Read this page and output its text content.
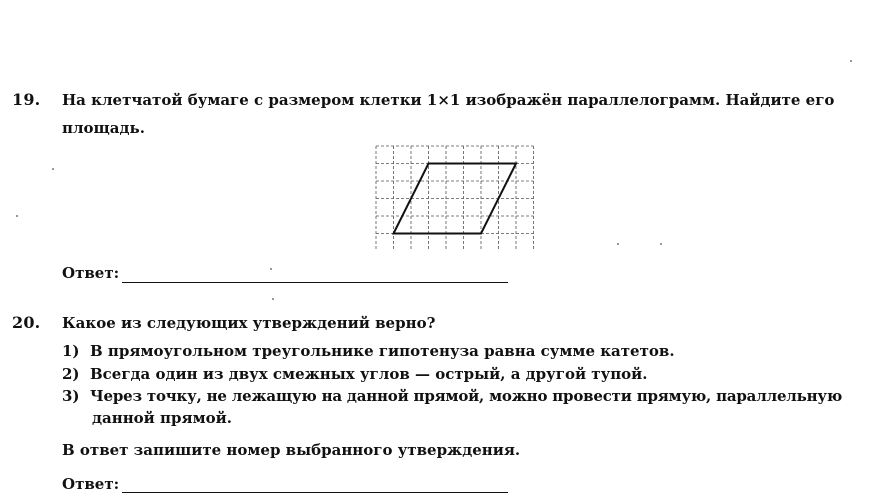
19. На клетчатой бумаге с размером клетки 1×1 изображён параллелограмм. Найдите его
площадь.
Ответ:
20. Какое из следующих утверждений верно?
1) В прямоугольном треугольнике гипотенуза равна сумме катетов.
2) Всегда один из двух смежных углов — острый, а другой тупой.
3) Через точку, не лежащую на данной прямой, можно провести прямую, параллельную
данной прямой.
В ответ запишите номер выбранного утверждения.
Ответ:
